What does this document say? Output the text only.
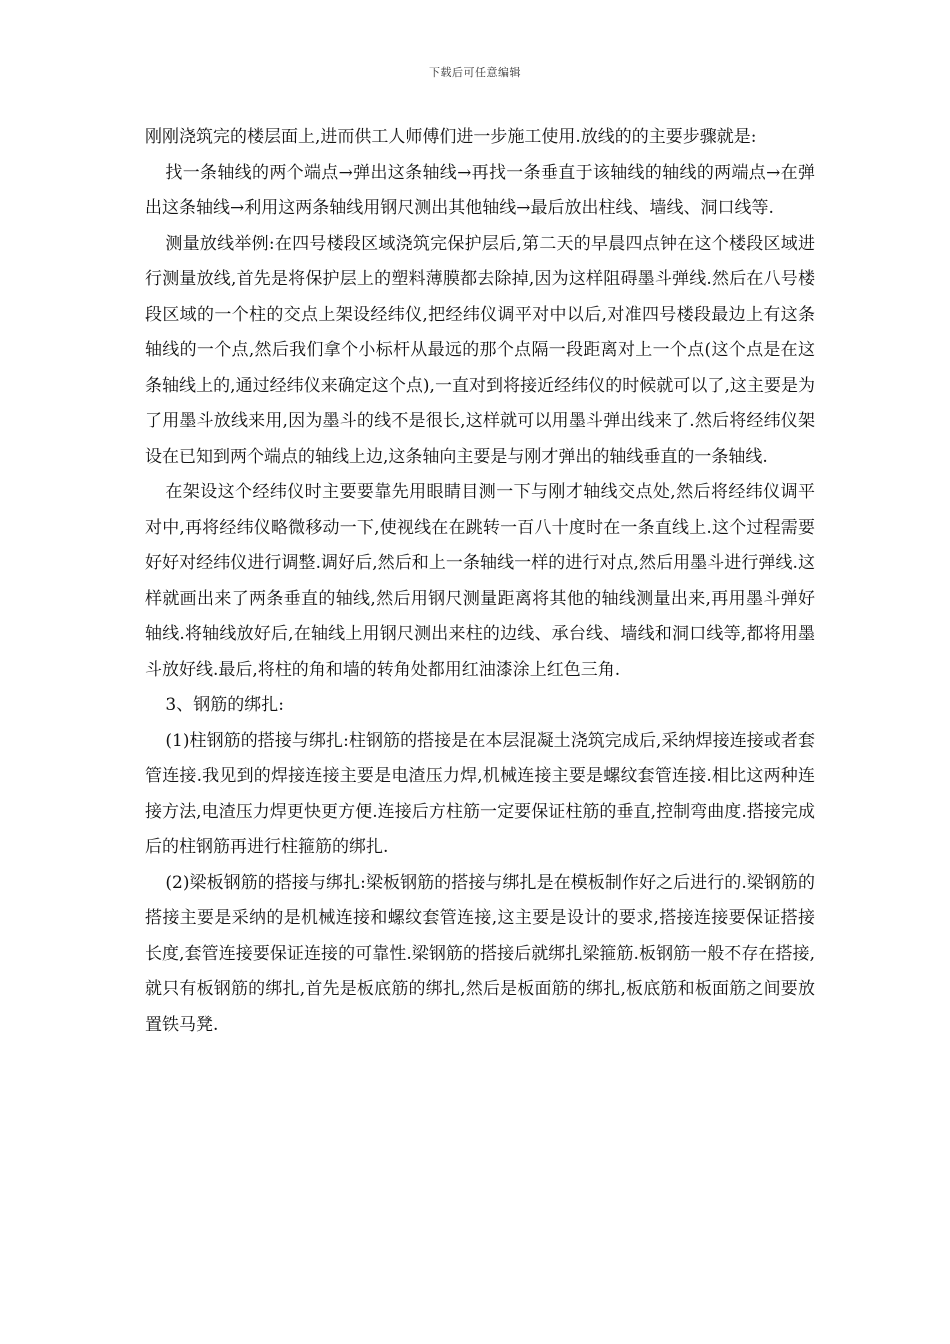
下载后可任意编辑

刚刚浇筑完的楼层面上,进而供工人师傅们进一步施工使用.放线的的主要步骤就是:

找一条轴线的两个端点→弹出这条轴线→再找一条垂直于该轴线的轴线的两端点→在弹出这条轴线→利用这两条轴线用钢尺测出其他轴线→最后放出柱线、墙线、洞口线等.

测量放线举例:在四号楼段区域浇筑完保护层后,第二天的早晨四点钟在这个楼段区域进行测量放线,首先是将保护层上的塑料薄膜都去除掉,因为这样阻碍墨斗弹线.然后在八号楼段区域的一个柱的交点上架设经纬仪,把经纬仪调平对中以后,对准四号楼段最边上有这条轴线的一个点,然后我们拿个小标杆从最远的那个点隔一段距离对上一个点(这个点是在这条轴线上的,通过经纬仪来确定这个点),一直对到将接近经纬仪的时候就可以了,这主要是为了用墨斗放线来用,因为墨斗的线不是很长,这样就可以用墨斗弹出线来了.然后将经纬仪架设在已知到两个端点的轴线上边,这条轴向主要是与刚才弹出的轴线垂直的一条轴线.

在架设这个经纬仪时主要要靠先用眼睛目测一下与刚才轴线交点处,然后将经纬仪调平对中,再将经纬仪略微移动一下,使视线在在跳转一百八十度时在一条直线上.这个过程需要好好对经纬仪进行调整.调好后,然后和上一条轴线一样的进行对点,然后用墨斗进行弹线.这样就画出来了两条垂直的轴线,然后用钢尺测量距离将其他的轴线测量出来,再用墨斗弹好轴线.将轴线放好后,在轴线上用钢尺测出来柱的边线、承台线、墙线和洞口线等,都将用墨斗放好线.最后,将柱的角和墙的转角处都用红油漆涂上红色三角.

3、钢筋的绑扎:

(1)柱钢筋的搭接与绑扎:柱钢筋的搭接是在本层混凝土浇筑完成后,采纳焊接连接或者套管连接.我见到的焊接连接主要是电渣压力焊,机械连接主要是螺纹套管连接.相比这两种连接方法,电渣压力焊更快更方便.连接后方柱筋一定要保证柱筋的垂直,控制弯曲度.搭接完成后的柱钢筋再进行柱箍筋的绑扎.

(2)梁板钢筋的搭接与绑扎:梁板钢筋的搭接与绑扎是在模板制作好之后进行的.梁钢筋的搭接主要是采纳的是机械连接和螺纹套管连接,这主要是设计的要求,搭接连接要保证搭接长度,套管连接要保证连接的可靠性.梁钢筋的搭接后就绑扎梁箍筋.板钢筋一般不存在搭接,就只有板钢筋的绑扎,首先是板底筋的绑扎,然后是板面筋的绑扎,板底筋和板面筋之间要放置铁马凳.
